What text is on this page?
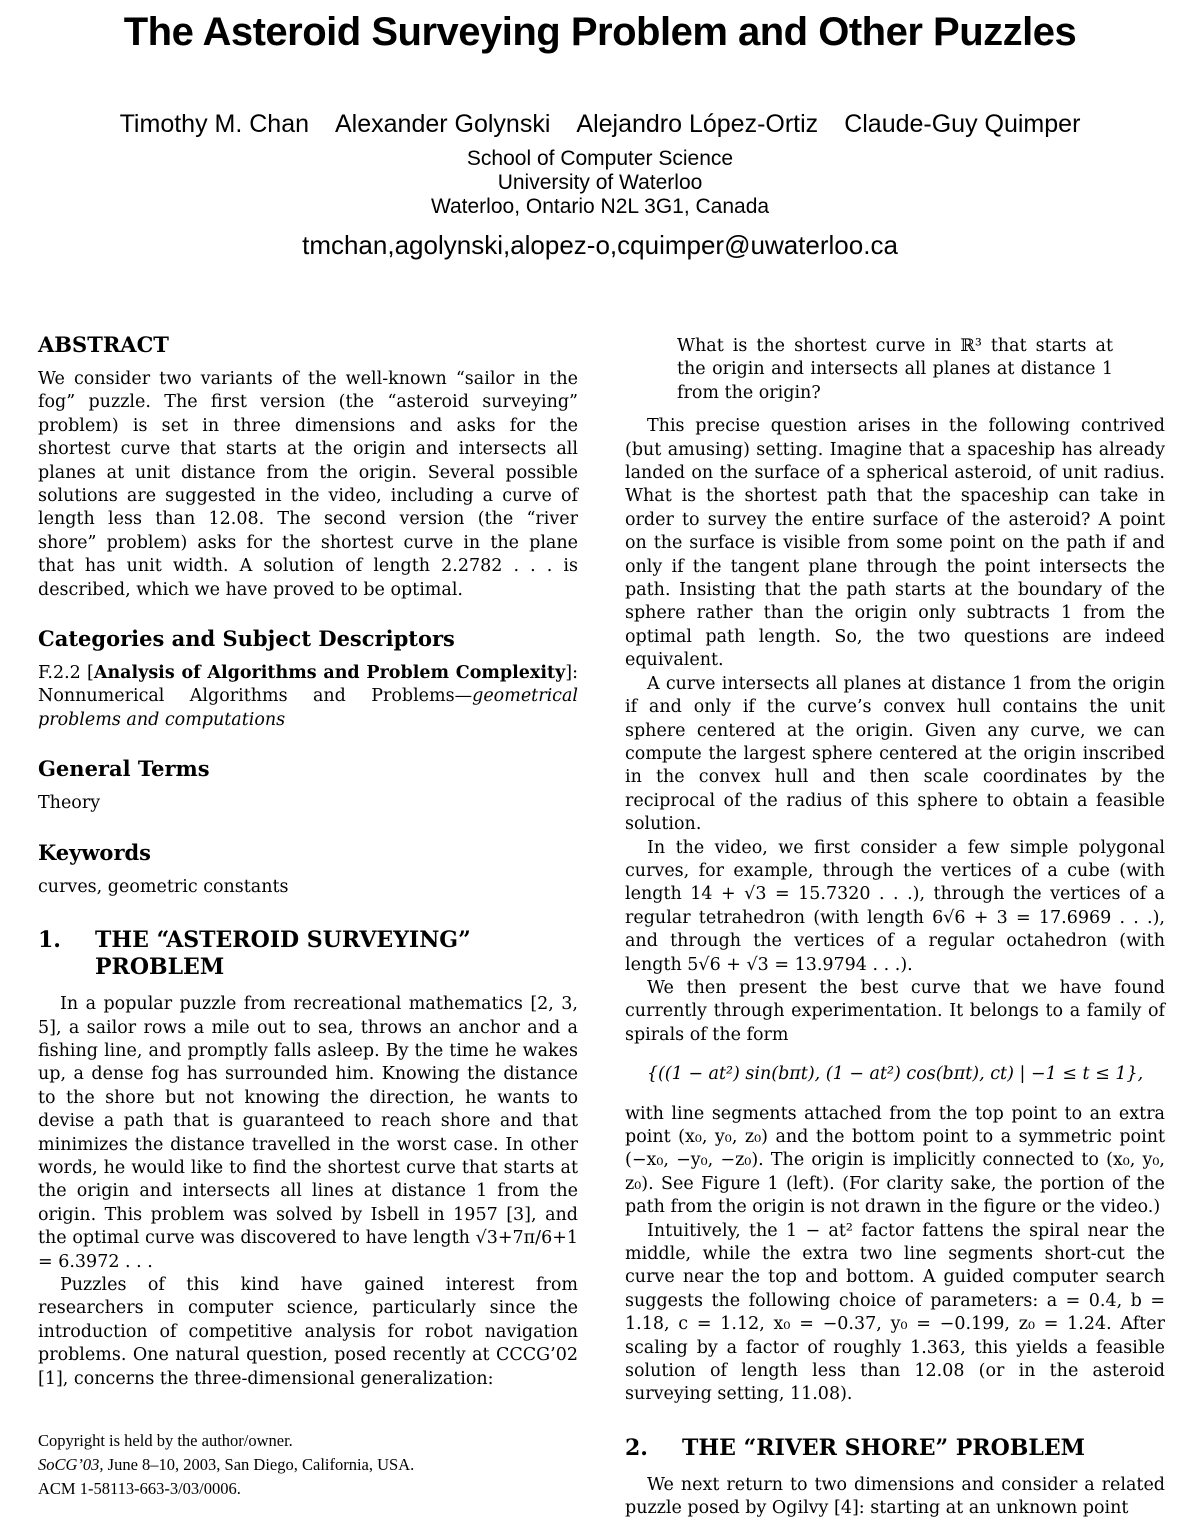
The Asteroid Surveying Problem and Other Puzzles
Timothy M. Chan Alexander Golynski Alejandro López-Ortiz Claude-Guy Quimper
School of Computer Science
University of Waterloo
Waterloo, Ontario N2L 3G1, Canada
tmchan,agolynski,alopez-o,cquimper@uwaterloo.ca
ABSTRACT

We consider two variants of the well-known “sailor in the fog” puzzle. The first version (the “asteroid surveying” problem) is set in three dimensions and asks for the shortest curve that starts at the origin and intersects all planes at unit distance from the origin. Several possible solutions are suggested in the video, including a curve of length less than 12.08. The second version (the “river shore” problem) asks for the shortest curve in the plane that has unit width. A solution of length 2.2782 . . . is described, which we have proved to be optimal.

Categories and Subject Descriptors

F.2.2 [Analysis of Algorithms and Problem Complexity]: Nonnumerical Algorithms and Problems—geometrical problems and computations

General Terms

Theory

Keywords

curves, geometric constants

1.	THE “ASTEROID SURVEYING” PROBLEM

In a popular puzzle from recreational mathematics [2, 3, 5], a sailor rows a mile out to sea, throws an anchor and a fishing line, and promptly falls asleep. By the time he wakes up, a dense fog has surrounded him. Knowing the distance to the shore but not knowing the direction, he wants to devise a path that is guaranteed to reach shore and that minimizes the distance travelled in the worst case. In other words, he would like to find the shortest curve that starts at the origin and intersects all lines at distance 1 from the origin. This problem was solved by Isbell in 1957 [3], and the optimal curve was discovered to have length √3+7π/6+1 = 6.3972 . . .

Puzzles of this kind have gained interest from researchers in computer science, particularly since the introduction of competitive analysis for robot navigation problems. One natural question, posed recently at CCCG’02 [1], concerns the three-dimensional generalization:

Copyright is held by the author/owner.
SoCG’03, June 8–10, 2003, San Diego, California, USA.
ACM 1-58113-663-3/03/0006.
What is the shortest curve in ℝ³ that starts at the origin and intersects all planes at distance 1 from the origin?

This precise question arises in the following contrived (but amusing) setting. Imagine that a spaceship has already landed on the surface of a spherical asteroid, of unit radius. What is the shortest path that the spaceship can take in order to survey the entire surface of the asteroid? A point on the surface is visible from some point on the path if and only if the tangent plane through the point intersects the path. Insisting that the path starts at the boundary of the sphere rather than the origin only subtracts 1 from the optimal path length. So, the two questions are indeed equivalent.

A curve intersects all planes at distance 1 from the origin if and only if the curve’s convex hull contains the unit sphere centered at the origin. Given any curve, we can compute the largest sphere centered at the origin inscribed in the convex hull and then scale coordinates by the reciprocal of the radius of this sphere to obtain a feasible solution.

In the video, we first consider a few simple polygonal curves, for example, through the vertices of a cube (with length 14 + √3 = 15.7320 . . .), through the vertices of a regular tetrahedron (with length 6√6 + 3 = 17.6969 . . .), and through the vertices of a regular octahedron (with length 5√6 + √3 = 13.9794 . . .).

We then present the best curve that we have found currently through experimentation. It belongs to a family of spirals of the form

{((1 − at²) sin(bπt), (1 − at²) cos(bπt), ct) | −1 ≤ t ≤ 1},

with line segments attached from the top point to an extra point (x₀, y₀, z₀) and the bottom point to a symmetric point (−x₀, −y₀, −z₀). The origin is implicitly connected to (x₀, y₀, z₀). See Figure 1 (left). (For clarity sake, the portion of the path from the origin is not drawn in the figure or the video.)

Intuitively, the 1 − at² factor fattens the spiral near the middle, while the extra two line segments short-cut the curve near the top and bottom. A guided computer search suggests the following choice of parameters: a = 0.4, b = 1.18, c = 1.12, x₀ = −0.37, y₀ = −0.199, z₀ = 1.24. After scaling by a factor of roughly 1.363, this yields a feasible solution of length less than 12.08 (or in the asteroid surveying setting, 11.08).

2.	THE “RIVER SHORE” PROBLEM

We next return to two dimensions and consider a related puzzle posed by Ogilvy [4]: starting at an unknown point
